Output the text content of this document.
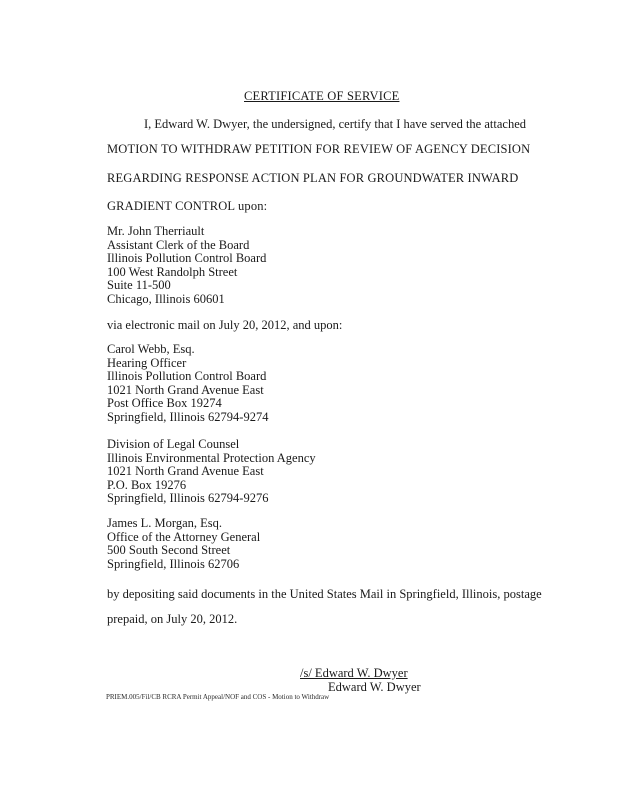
CERTIFICATE OF SERVICE
I, Edward W. Dwyer, the undersigned, certify that I have served the attached
MOTION TO WITHDRAW PETITION FOR REVIEW OF AGENCY DECISION
REGARDING RESPONSE ACTION PLAN FOR GROUNDWATER INWARD
GRADIENT CONTROL upon:
Mr. John Therriault
Assistant Clerk of the Board
Illinois Pollution Control Board
100 West Randolph Street
Suite 11-500
Chicago, Illinois 60601
via electronic mail on July 20, 2012, and upon:
Carol Webb, Esq.
Hearing Officer
Illinois Pollution Control Board
1021 North Grand Avenue East
Post Office Box 19274
Springfield, Illinois 62794-9274
Division of Legal Counsel
Illinois Environmental Protection Agency
1021 North Grand Avenue East
P.O. Box 19276
Springfield, Illinois 62794-9276
James L. Morgan, Esq.
Office of the Attorney General
500 South Second Street
Springfield, Illinois 62706
by depositing said documents in the United States Mail in Springfield, Illinois, postage
prepaid, on July 20, 2012.
/s/ Edward W. Dwyer
Edward W. Dwyer
PRIEM.005/Fil/CB RCRA Permit Appeal/NOF and COS - Motion to Withdraw
